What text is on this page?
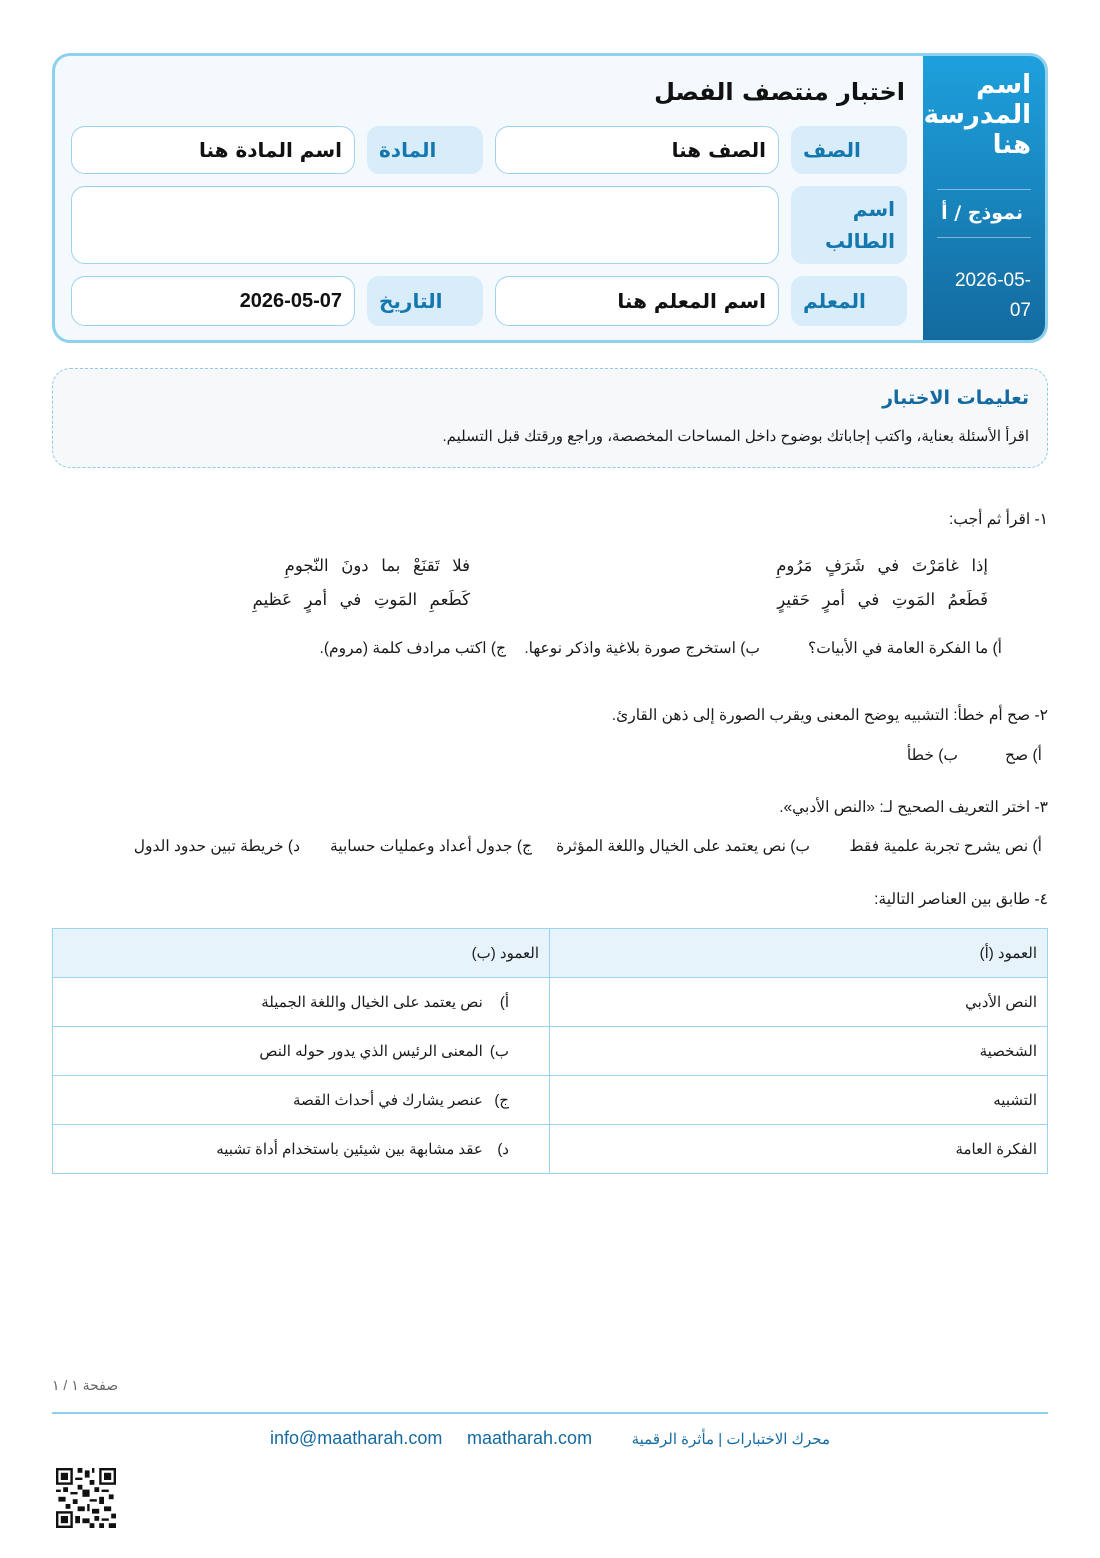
اسم المدرسة هنا
نموذج / أ
2026-05-07
اختبار منتصف الفصل
الصف
الصف هنا
المادة
اسم المادة هنا
اسم الطالب
المعلم
اسم المعلم هنا
التاريخ
2026-05-07
تعليمات الاختبار
اقرأ الأسئلة بعناية، واكتب إجاباتك بوضوح داخل المساحات المخصصة، وراجع ورقتك قبل التسليم.
١- اقرأ ثم أجب:
إذا غامَرْتَ في شَرَفٍ مَرُومِ
فلا تَقنَعْ بما دونَ النّجومِ
فَطَعمُ المَوتِ في أمرٍ حَقيرٍ
كَطَعمِ المَوتِ في أمرٍ عَظيمِ
أ) ما الفكرة العامة في الأبيات؟
ب) استخرج صورة بلاغية واذكر نوعها.
ج) اكتب مرادف كلمة (مروم).
٢- صح أم خطأ: التشبيه يوضح المعنى ويقرب الصورة إلى ذهن القارئ.
أ) صح
ب) خطأ
٣- اختر التعريف الصحيح لـ: «النص الأدبي».
أ) نص يشرح تجربة علمية فقط
ب) نص يعتمد على الخيال واللغة المؤثرة
ج) جدول أعداد وعمليات حسابية
د) خريطة تبين حدود الدول
٤- طابق بين العناصر التالية:
العمود (أ)	العمود (ب)
النص الأدبي	أ) نص يعتمد على الخيال واللغة الجميلة
الشخصية	ب) المعنى الرئيس الذي يدور حوله النص
التشبيه	ج) عنصر يشارك في أحداث القصة
الفكرة العامة	د) عقد مشابهة بين شيئين باستخدام أداة تشبيه
صفحة ١ / ١
محرك الاختبارات | مأثرة الرقمية
maatharah.com
info@maatharah.com
